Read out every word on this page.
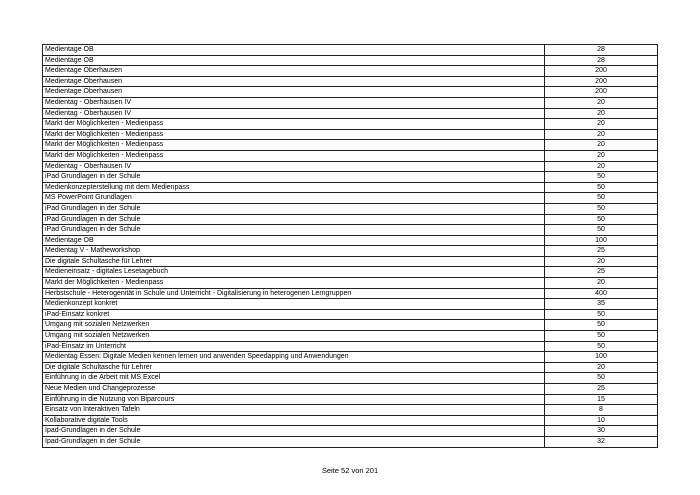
Medientage OB	28
Medientage OB	28
Medientage Oberhausen	200
Medientage Oberhausen	200
Medientage Oberhausen	200
Medientag - Oberhausen IV	20
Medientag - Oberhausen IV	20
Markt der Möglichkeiten - Medienpass	20
Markt der Möglichkeiten - Medienpass	20
Markt der Möglichkeiten - Medienpass	20
Markt der Möglichkeiten - Medienpass	20
Medientag - Oberhausen IV	20
iPad Grundlagen in der Schule	50
Medienkonzepterstellung mit dem Medienpass	50
MS PowerPoint Grundlagen	50
iPad Grundlagen in der Schule	50
iPad Grundlagen in der Schule	50
iPad Grundlagen in der Schule	50
Medientage OB	100
Medientag V - Matheworkshop	25
Die digitale Schultasche für Lehrer	20
Medieneinsatz - digitales Lesetagebuch	25
Markt der Möglichkeiten - Medienpass	20
Herbstschule - Heterogenität in Schule und Unterricht - Digitalisierung in heterogenen Lerngruppen	400
Medienkonzept konkret	35
iPad-Einsatz konkret	50
Umgang mit sozialen Netzwerken	50
Umgang mit sozialen Netzwerken	50
iPad-Einsatz im Unterricht	50
Medientag Essen: Digitale Medien kennen lernen und anwenden Speedapping und Anwendungen	100
Die digitale Schultasche für Lehrer	20
Einführung in die Arbeit mit MS Excel	50
Neue Medien und Changeprozesse	25
Einführung in die Nutzung von Biparcours	15
Einsatz von Interaktiven Tafeln	8
Kollaborative digitale Tools	10
Ipad-Grundlagen in der Schule	30
Ipad-Grundlagen in der Schule	32
Seite 52 von 201
